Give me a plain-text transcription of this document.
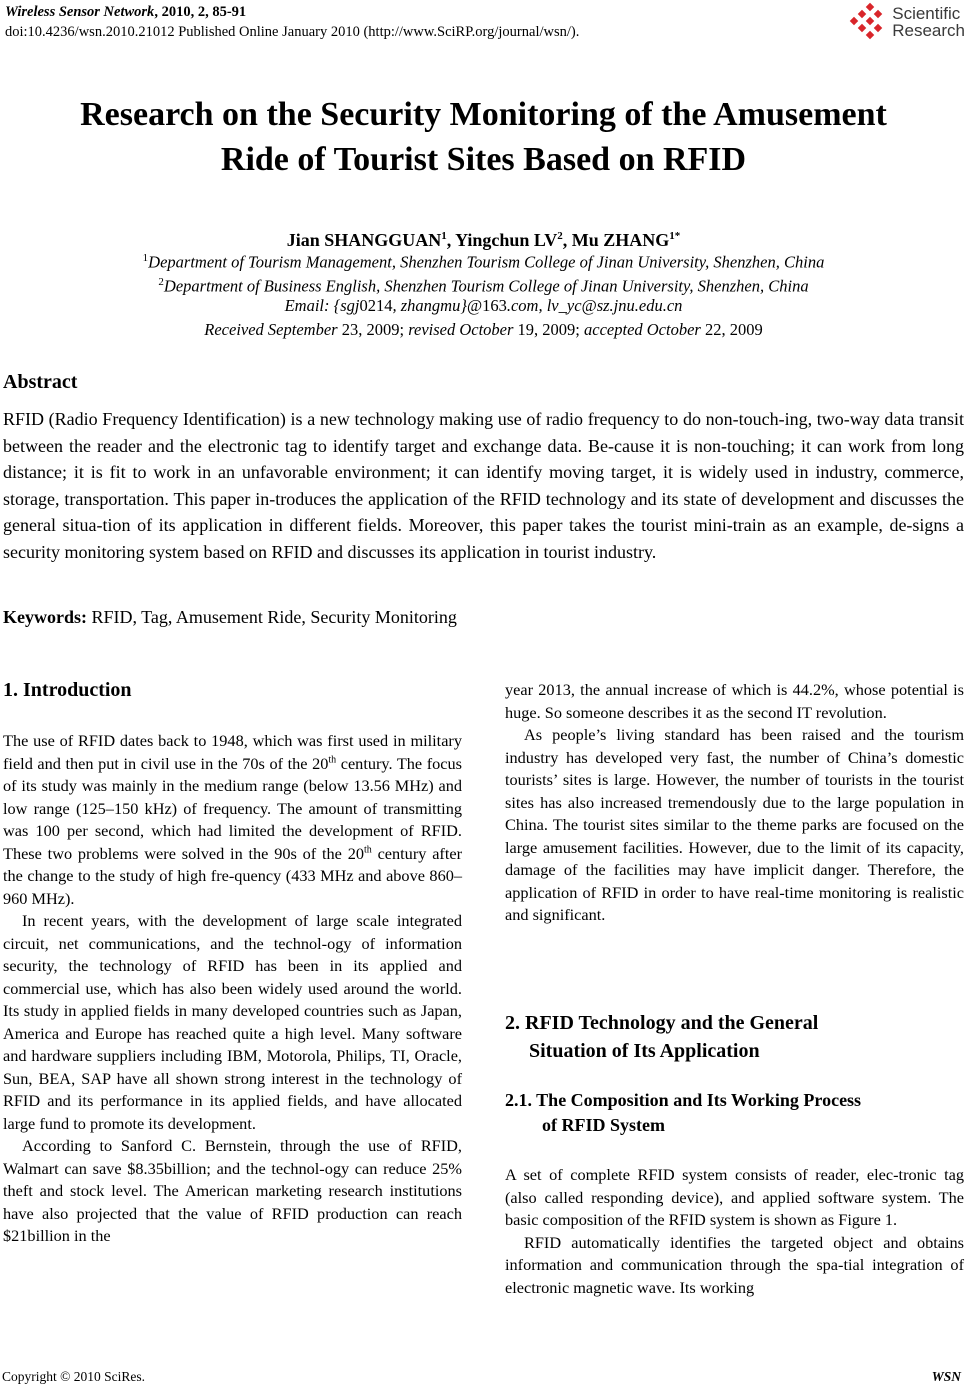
Wireless Sensor Network, 2010, 2, 85-91
doi:10.4236/wsn.2010.21012 Published Online January 2010 (http://www.SciRP.org/journal/wsn/).
Scientific
Research
Research on the Security Monitoring of the Amusement
Ride of Tourist Sites Based on RFID
Jian SHANGGUAN$^1$, Yingchun $LV^2$, Mu $ZHANG^{1*}$
$^1$Department of Tourism Management, Shenzhen Tourism College of Jinan University, Shenzhen, China
$^2$Department of Business English, Shenzhen Tourism College of Jinan University, Shenzhen, China
Email: {sgj0214, zhangmu}@163.com, lv_yc@sz.jnu.edu.cn
Received September 23, 2009; revised October 19, 2009; accepted October 22, 2009
Abstract
RFID (Radio Frequency Identification) is a new technology making use of radio frequency to do non-touch-ing, two-way data transit between the reader and the electronic tag to identify target and exchange data. Be-cause it is non-touching; it can work from long distance; it is fit to work in an unfavorable environment; it can identify moving target, it is widely used in industry, commerce, storage, transportation. This paper in-troduces the application of the RFID technology and its state of development and discusses the general situa-tion of its application in different fields. Moreover, this paper takes the tourist mini-train as an example, de-signs a security monitoring system based on RFID and discusses its application in tourist industry.
Keywords: RFID, Tag, Amusement Ride, Security Monitoring
1. Introduction

The use of RFID dates back to 1948, which was first used in military field and then put in civil use in the 70s of the 20th century. The focus of its study was mainly in the medium range (below 13.56 MHz) and low range (125–150 kHz) of frequency. The amount of transmitting was 100 per second, which had limited the development of RFID. These two problems were solved in the 90s of the 20th century after the change to the study of high fre-quency (433 MHz and above 860–960 MHz).

In recent years, with the development of large scale integrated circuit, net communications, and the technol-ogy of information security, the technology of RFID has been in its applied and commercial use, which has also been widely used around the world. Its study in applied fields in many developed countries such as Japan, America and Europe has reached quite a high level. Many software and hardware suppliers including IBM, Motorola, Philips, TI, Oracle, Sun, BEA, SAP have all shown strong interest in the technology of RFID and its performance in its applied fields, and have allocated large fund to promote its development.

According to Sanford C. Bernstein, through the use of RFID, Walmart can save $8.35billion; and the technol-ogy can reduce 25% theft and stock level. The American marketing research institutions have also projected that the value of RFID production can reach $21billion in the

year 2013, the annual increase of which is 44.2%, whose potential is huge. So someone describes it as the second IT revolution.

As people’s living standard has been raised and the tourism industry has developed very fast, the number of China’s domestic tourists’ sites is large. However, the number of tourists in the tourist sites has also increased tremendously due to the large population in China. The tourist sites similar to the theme parks are focused on the large amusement facilities. However, due to the limit of its capacity, damage of the facilities may have implicit danger. Therefore, the application of RFID in order to have real-time monitoring is realistic and significant.

2. RFID Technology and the General
Situation of Its Application
2.1. The Composition and Its Working Process
of RFID System

A set of complete RFID system consists of reader, elec-tronic tag (also called responding device), and applied software system. The basic composition of the RFID system is shown as Figure 1.

RFID automatically identifies the targeted object and obtains information and communication through the spa-tial integration of electronic magnetic wave. Its working

Copyright © 2010 SciRes.	WSN
